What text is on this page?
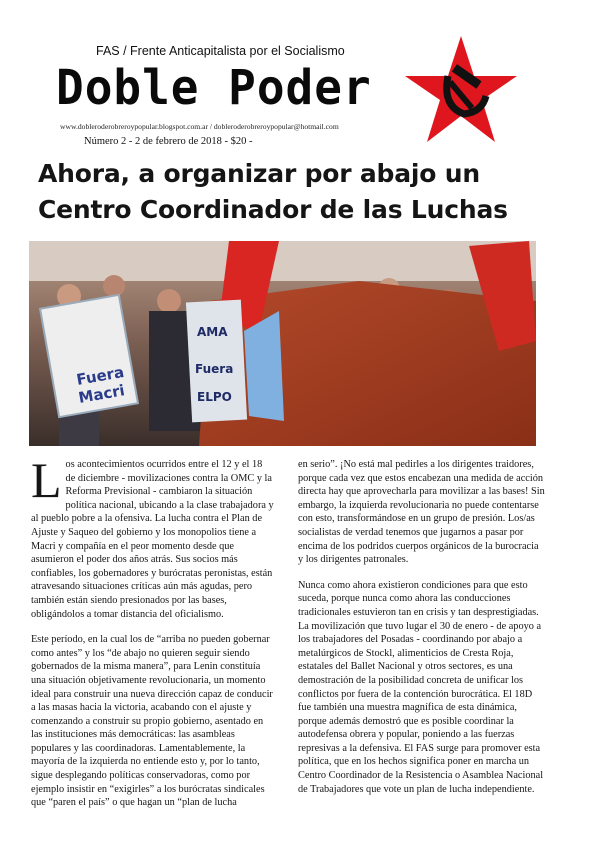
FAS / Frente Anticapitalista por el Socialismo
Doble Poder
www.dobleroderobreroypopular.blogspot.com.ar / dobleroderobreroypopular@hotmail.com
Número 2 - 2 de febrero de 2018 - $20 -
Ahora, a organizar por abajo un
Centro Coordinador de las Luchas
Fuera
Macri
AMA
Fuera
ELPO

Los acontecimientos ocurridos entre el 12 y el 18 de diciembre - movilizaciones contra la OMC y la Reforma Previsional - cambiaron la situación política nacional, ubicando a la clase trabajadora y al pueblo pobre a la ofensiva. La lucha contra el Plan de Ajuste y Saqueo del gobierno y los monopolios tiene a Macri y compañía en el peor momento desde que asumieron el poder dos años atrás. Sus socios más confiables, los gobernadores y burócratas peronistas, están atravesando situaciones críticas aún más agudas, pero también están siendo presionados por las bases, obligándolos a tomar distancia del oficialismo.

Este período, en la cual los de “arriba no pueden gobernar como antes” y los “de abajo no quieren seguir siendo gobernados de la misma manera”, para Lenin constituía una situación objetivamente revolucionaria, un momento ideal para construir una nueva dirección capaz de conducir a las masas hacia la victoria, acabando con el ajuste y comenzando a construir su propio gobierno, asentado en las instituciones más democráticas: las asambleas populares y las coordinadoras. Lamentablemente, la mayoría de la izquierda no entiende esto y, por lo tanto, sigue desplegando políticas conservadoras, como por ejemplo insistir en “exigirles” a los burócratas sindicales que “paren el país” o que hagan un “plan de lucha

en serio”. ¡No está mal pedirles a los dirigentes traidores, porque cada vez que estos encabezan una medida de acción directa hay que aprovecharla para movilizar a las bases! Sin embargo, la izquierda revolucionaria no puede contentarse con esto, transformándose en un grupo de presión. Los/as socialistas de verdad tenemos que jugarnos a pasar por encima de los podridos cuerpos orgánicos de la burocracia y los dirigentes patronales.

Nunca como ahora existieron condiciones para que esto suceda, porque nunca como ahora las conducciones tradicionales estuvieron tan en crisis y tan desprestigiadas. La movilización que tuvo lugar el 30 de enero - de apoyo a los trabajadores del Posadas - coordinando por abajo a metalúrgicos de Stockl, alimenticios de Cresta Roja, estatales del Ballet Nacional y otros sectores, es una demostración de la posibilidad concreta de unificar los conflictos por fuera de la contención burocrática. El 18D fue también una muestra magnífica de esta dinámica, porque además demostró que es posible coordinar la autodefensa obrera y popular, poniendo a las fuerzas represivas a la defensiva. El FAS surge para promover esta política, que en los hechos significa poner en marcha un Centro Coordinador de la Resistencia o Asamblea Nacional de Trabajadores que vote un plan de lucha independiente.
